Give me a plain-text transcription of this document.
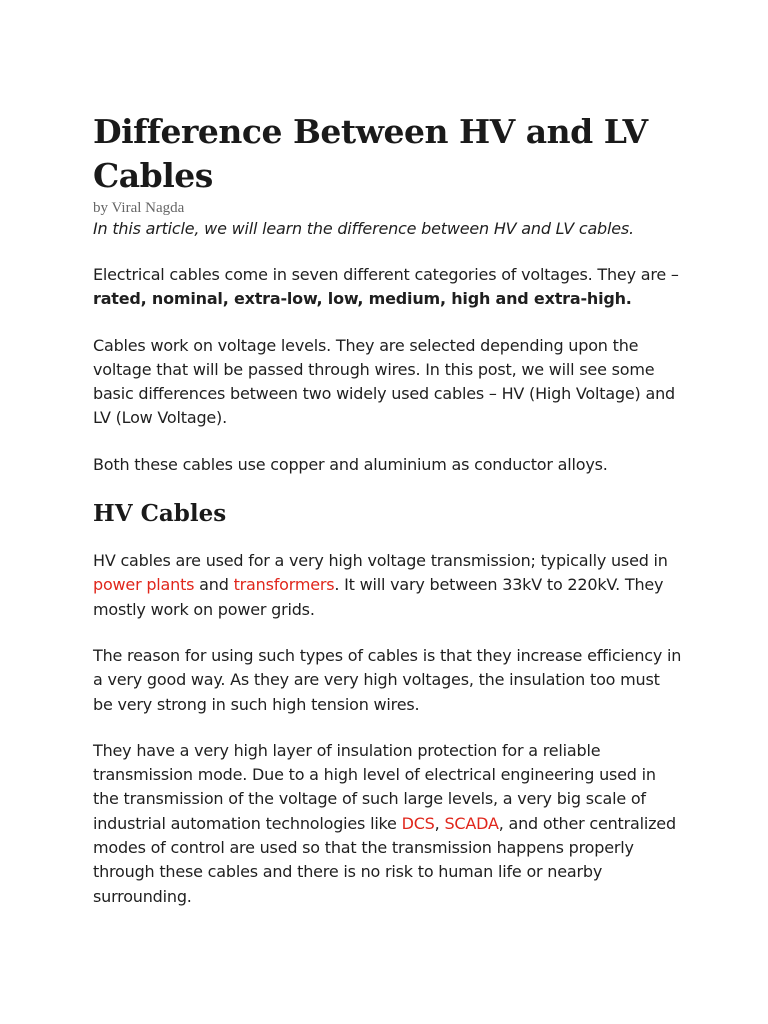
Difference Between HV and LV Cables
by Viral Nagda

In this article, we will learn the difference between HV and LV cables.

Electrical cables come in seven different categories of voltages. They are – rated, nominal, extra-low, low, medium, high and extra-high.

Cables work on voltage levels. They are selected depending upon the voltage that will be passed through wires. In this post, we will see some basic differences between two widely used cables – HV (High Voltage) and LV (Low Voltage).

Both these cables use copper and aluminium as conductor alloys.

HV Cables

HV cables are used for a very high voltage transmission; typically used in power plants and transformers. It will vary between 33kV to 220kV. They mostly work on power grids.

The reason for using such types of cables is that they increase efficiency in a very good way. As they are very high voltages, the insulation too must be very strong in such high tension wires.

They have a very high layer of insulation protection for a reliable transmission mode. Due to a high level of electrical engineering used in the transmission of the voltage of such large levels, a very big scale of industrial automation technologies like DCS, SCADA, and other centralized modes of control are used so that the transmission happens properly through these cables and there is no risk to human life or nearby surrounding.
